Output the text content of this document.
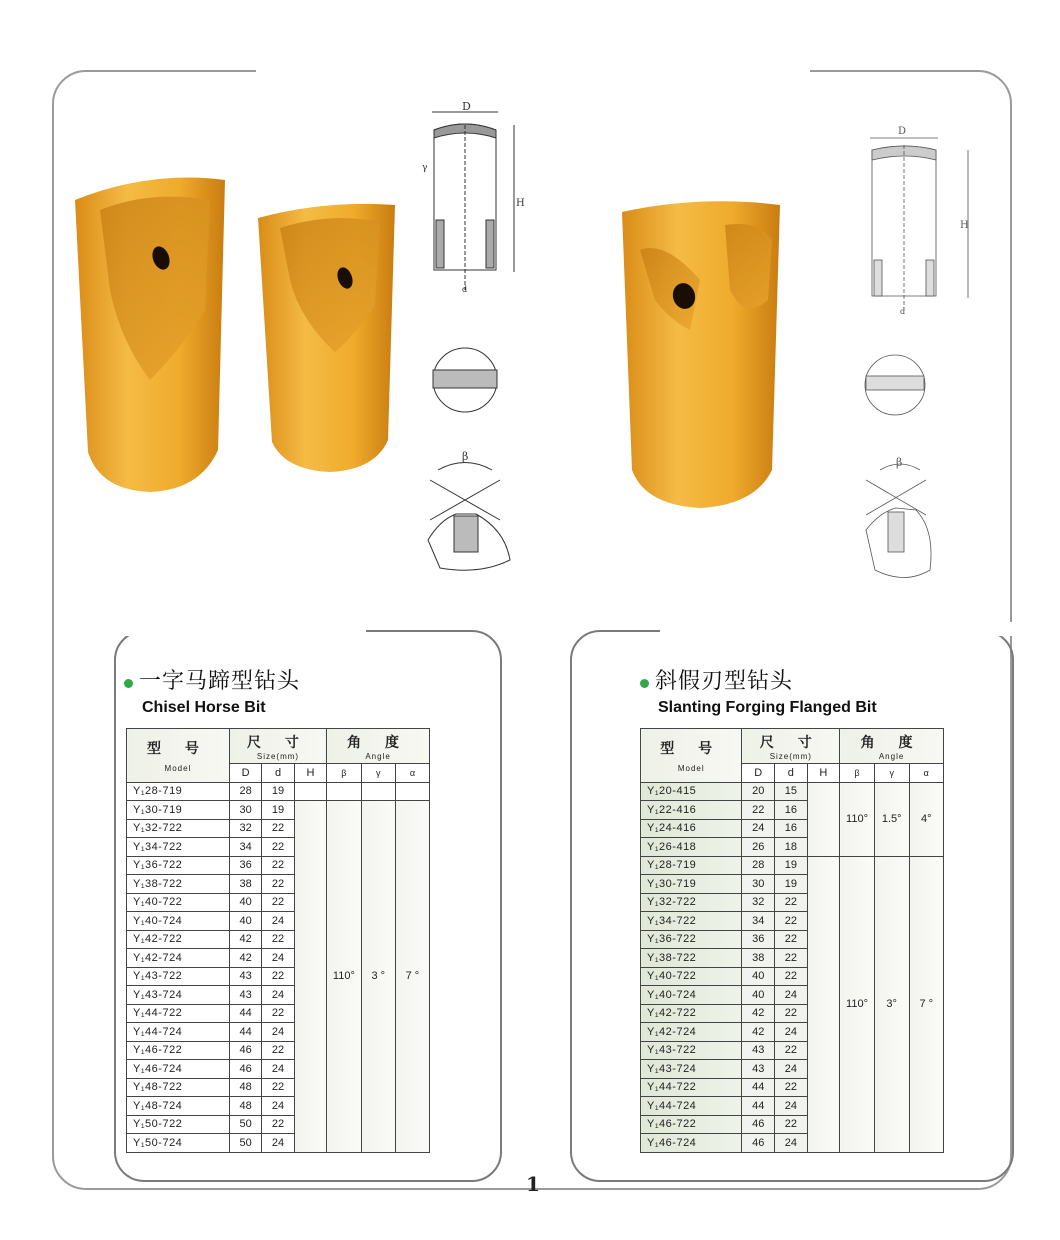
D
H
d
γ
β
D
H
d
β
一字马蹄型钻头
Chisel Horse Bit
型 号
Model	尺 寸
Size(mm)			角 度
Angle		

	D	d	H	β	γ	α
Y₁28-719	28	19				
Y₁30-719	30	19		110°	3 °	7 °
Y₁32-722	32	22				
Y₁34-722	34	22				
Y₁36-722	36	22				
Y₁38-722	38	22				
Y₁40-722	40	22				
Y₁40-724	40	24				
Y₁42-722	42	22				
Y₁42-724	42	24				
Y₁43-722	43	22				
Y₁43-724	43	24				
Y₁44-722	44	22				
Y₁44-724	44	24				
Y₁46-722	46	22				
Y₁46-724	46	24				
Y₁48-722	48	22				
Y₁48-724	48	24				
Y₁50-722	50	22				
Y₁50-724	50	24				
斜假刃型钻头
Slanting Forging Flanged Bit
型 号
Model	尺 寸
Size(mm)			角 度
Angle		

	D	d	H	β	γ	α
Y₁20-415	20	15		110°	1.5°	4°
Y₁22-416	22	16				
Y₁24-416	24	16				
Y₁26-418	26	18				
Y₁28-719	28	19		110°	3°	7 °
Y₁30-719	30	19				
Y₁32-722	32	22				
Y₁34-722	34	22				
Y₁36-722	36	22				
Y₁38-722	38	22				
Y₁40-722	40	22				
Y₁40-724	40	24				
Y₁42-722	42	22				
Y₁42-724	42	24				
Y₁43-722	43	22				
Y₁43-724	43	24				
Y₁44-722	44	22				
Y₁44-724	44	24				
Y₁46-722	46	22				
Y₁46-724	46	24				
1
